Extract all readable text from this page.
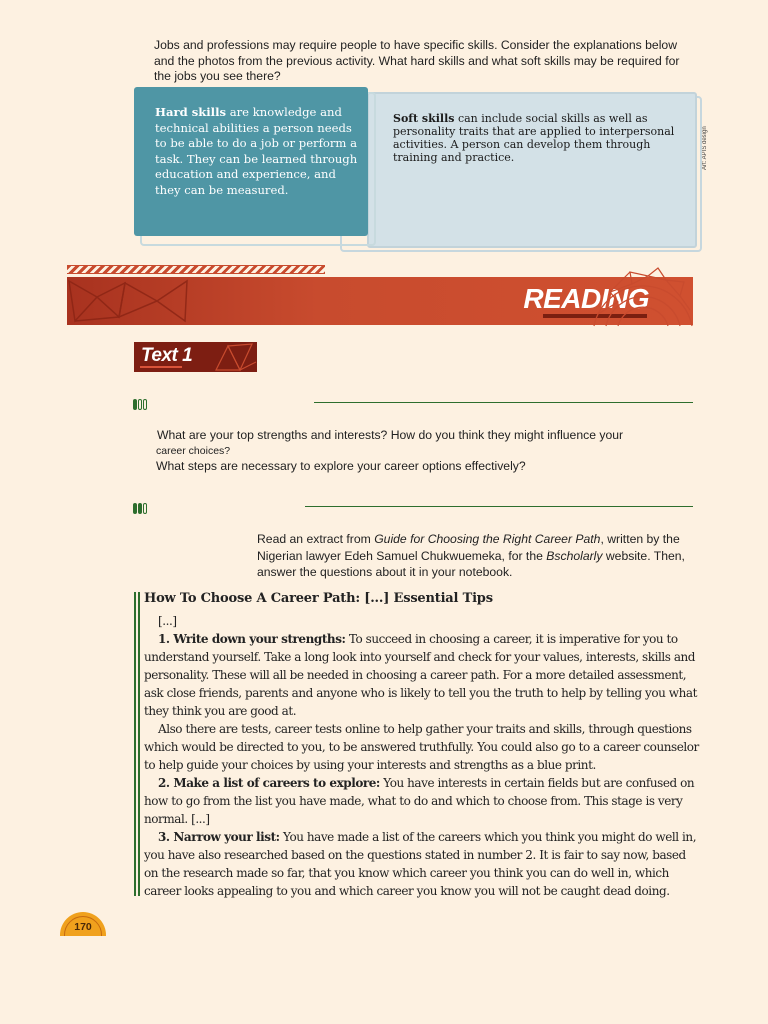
Jobs and professions may require people to have specific skills. Consider the explanations below and the photos from the previous activity. What hard skills and what soft skills may be required for the jobs you see there?
Soft skills can include social skills as well as personality traits that are applied to interpersonal activities. A person can develop them through training and practice.
Hard skills are knowledge and technical abilities a person needs to be able to do a job or perform a task. They can be learned through education and experience, and they can be measured.
Art: APIS design
READING
Text 1
What are your top strengths and interests? How do you think they might influence your
career choices?
What steps are necessary to explore your career options effectively?
Read an extract from Guide for Choosing the Right Career Path, written by the Nigerian lawyer Edeh Samuel Chukwuemeka, for the Bscholarly website. Then, answer the questions about it in your notebook.
How To Choose A Career Path: [...] Essential Tips

[...]

1. Write down your strengths: To succeed in choosing a career, it is imperative for you to understand yourself. Take a long look into yourself and check for your values, interests, skills and personality. These will all be needed in choosing a career path. For a more detailed assessment, ask close friends, parents and anyone who is likely to tell you the truth to help by telling you what they think you are good at.

Also there are tests, career tests online to help gather your traits and skills, through questions which would be directed to you, to be answered truthfully. You could also go to a career counselor to help guide your choices by using your interests and strengths as a blue print.

2. Make a list of careers to explore: You have interests in certain fields but are confused on how to go from the list you have made, what to do and which to choose from. This stage is very normal. [...]

3. Narrow your list: You have made a list of the careers which you think you might do well in, you have also researched based on the questions stated in number 2. It is fair to say now, based on the research made so far, that you know which career you think you can do well in, which career looks appealing to you and which career you know you will not be caught dead doing.

170
